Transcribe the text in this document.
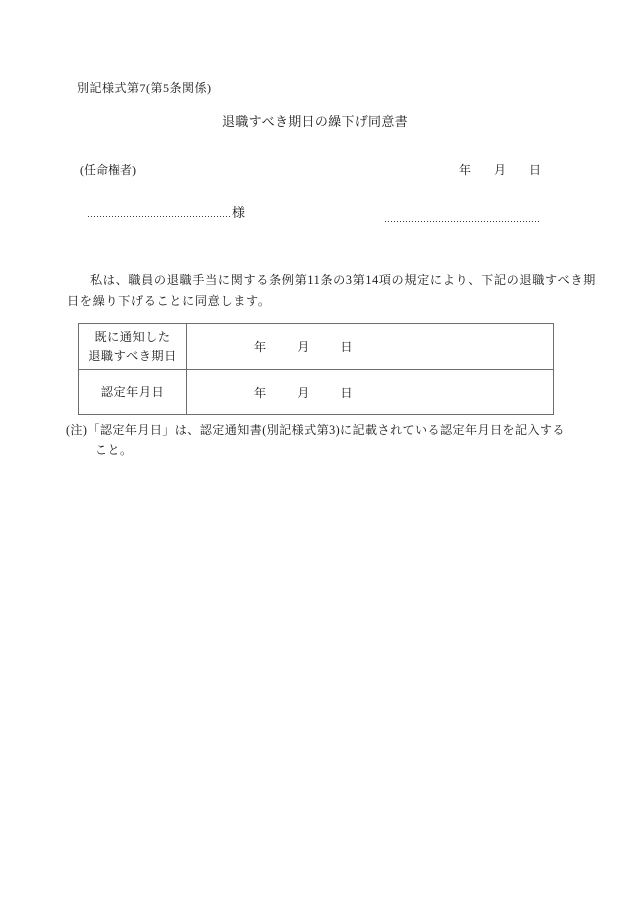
別記様式第7(第5条関係)
退職すべき期日の繰下げ同意書
(任命権者)	年 月 日
様
私は、職員の退職手当に関する条例第11条の3第14項の規定により、下記の退職すべき期
日を繰り下げることに同意します。
既に通知した
退職すべき期日
年	月	日
認定年月日	年	月	日
(注)「認定年月日」は、認定通知書(別記様式第3)に記載されている認定年月日を記入する
こと。
